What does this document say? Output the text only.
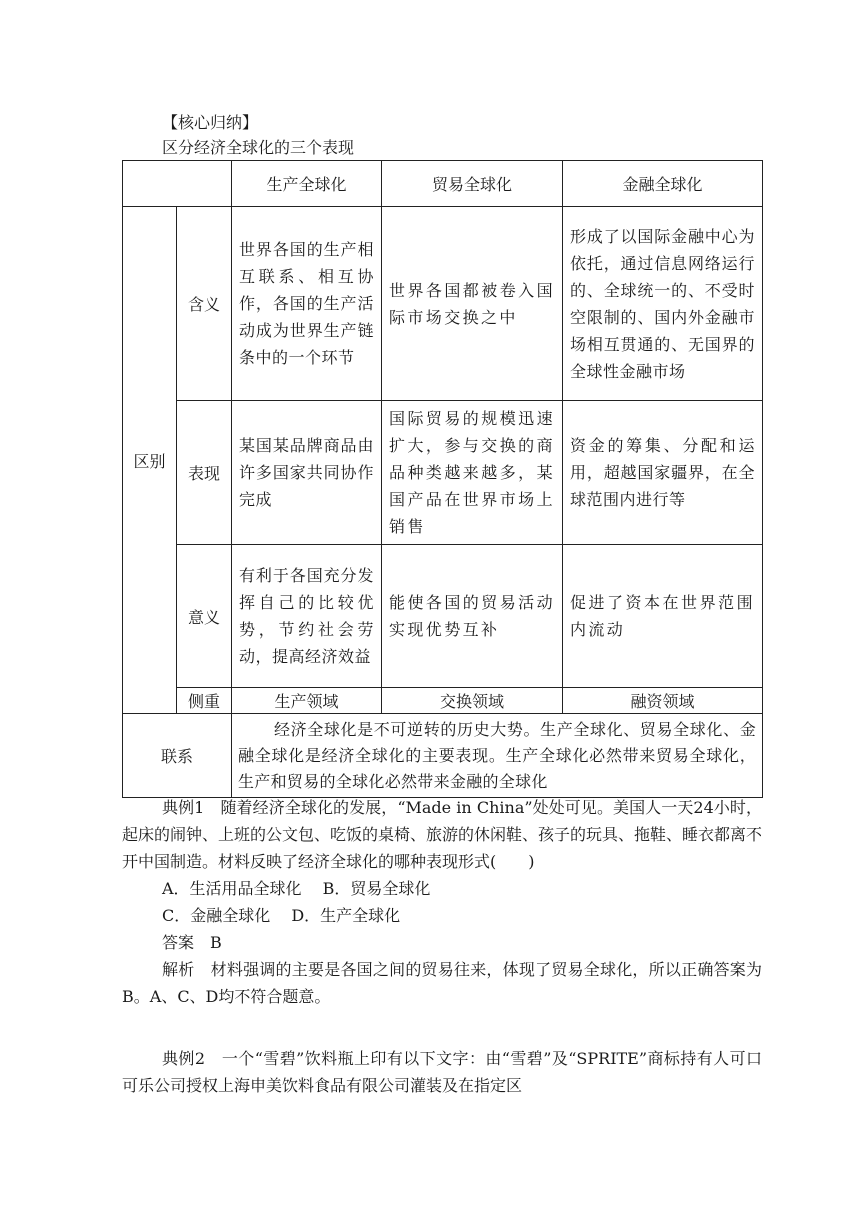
【核心归纳】
区分经济全球化的三个表现
		生产全球化	贸易全球化	金融全球化
区别	含义	世界各国的生产相互联系、相互协作，各国的生产活动成为世界生产链条中的一个环节	世界各国都被卷入国际市场交换之中	形成了以国际金融中心为依托，通过信息网络运行的、全球统一的、不受时空限制的、国内外金融市场相互贯通的、无国界的全球性金融市场

	表现	某国某品牌商品由许多国家共同协作完成	国际贸易的规模迅速扩大，参与交换的商品种类越来越多，某国产品在世界市场上销售	资金的筹集、分配和运用，超越国家疆界，在全球范围内进行等

	意义	有利于各国充分发挥自己的比较优势，节约社会劳动，提高经济效益	能使各国的贸易活动实现优势互补	促进了资本在世界范围内流动

	侧重	生产领域	交换领域	融资领域
联系		经济全球化是不可逆转的历史大势。生产全球化、贸易全球化、金融全球化是经济全球化的主要表现。生产全球化必然带来贸易全球化，生产和贸易的全球化必然带来金融的全球化		

典例1　随着经济全球化的发展，“Made in China”处处可见。美国人一天24小时，起床的闹钟、上班的公文包、吃饭的桌椅、旅游的休闲鞋、孩子的玩具、拖鞋、睡衣都离不开中国制造。材料反映了经济全球化的哪种表现形式(　　)

A．生活用品全球化　 B．贸易全球化

C．金融全球化　 D．生产全球化

答案　B

解析　材料强调的主要是各国之间的贸易往来，体现了贸易全球化，所以正确答案为B。A、C、D均不符合题意。

典例2　一个“雪碧”饮料瓶上印有以下文字：由“雪碧”及“SPRITE”商标持有人可口可乐公司授权上海申美饮料食品有限公司灌装及在指定区
